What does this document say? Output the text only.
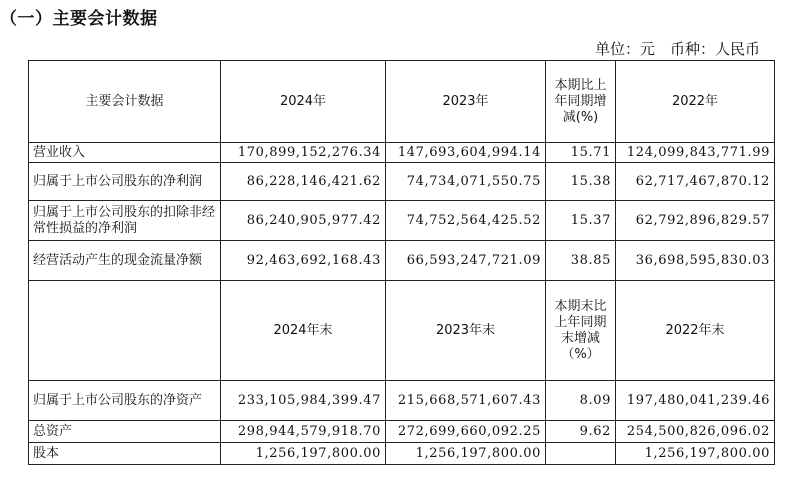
（一）主要会计数据
单位：元　币种：人民币
主要会计数据	2024年	2023年	本期比上年同期增减(%)	2022年
营业收入	170,899,152,276.34	147,693,604,994.14	15.71	124,099,843,771.99
归属于上市公司股东的净利润	86,228,146,421.62	74,734,071,550.75	15.38	62,717,467,870.12
归属于上市公司股东的扣除非经常性损益的净利润	86,240,905,977.42	74,752,564,425.52	15.37	62,792,896,829.57
经营活动产生的现金流量净额	92,463,692,168.43	66,593,247,721.09	38.85	36,698,595,830.03
	2024年末	2023年末	本期末比上年同期末增减（%）	2022年末
归属于上市公司股东的净资产	233,105,984,399.47	215,668,571,607.43	8.09	197,480,041,239.46
总资产	298,944,579,918.70	272,699,660,092.25	9.62	254,500,826,096.02
股本	1,256,197,800.00	1,256,197,800.00		1,256,197,800.00
